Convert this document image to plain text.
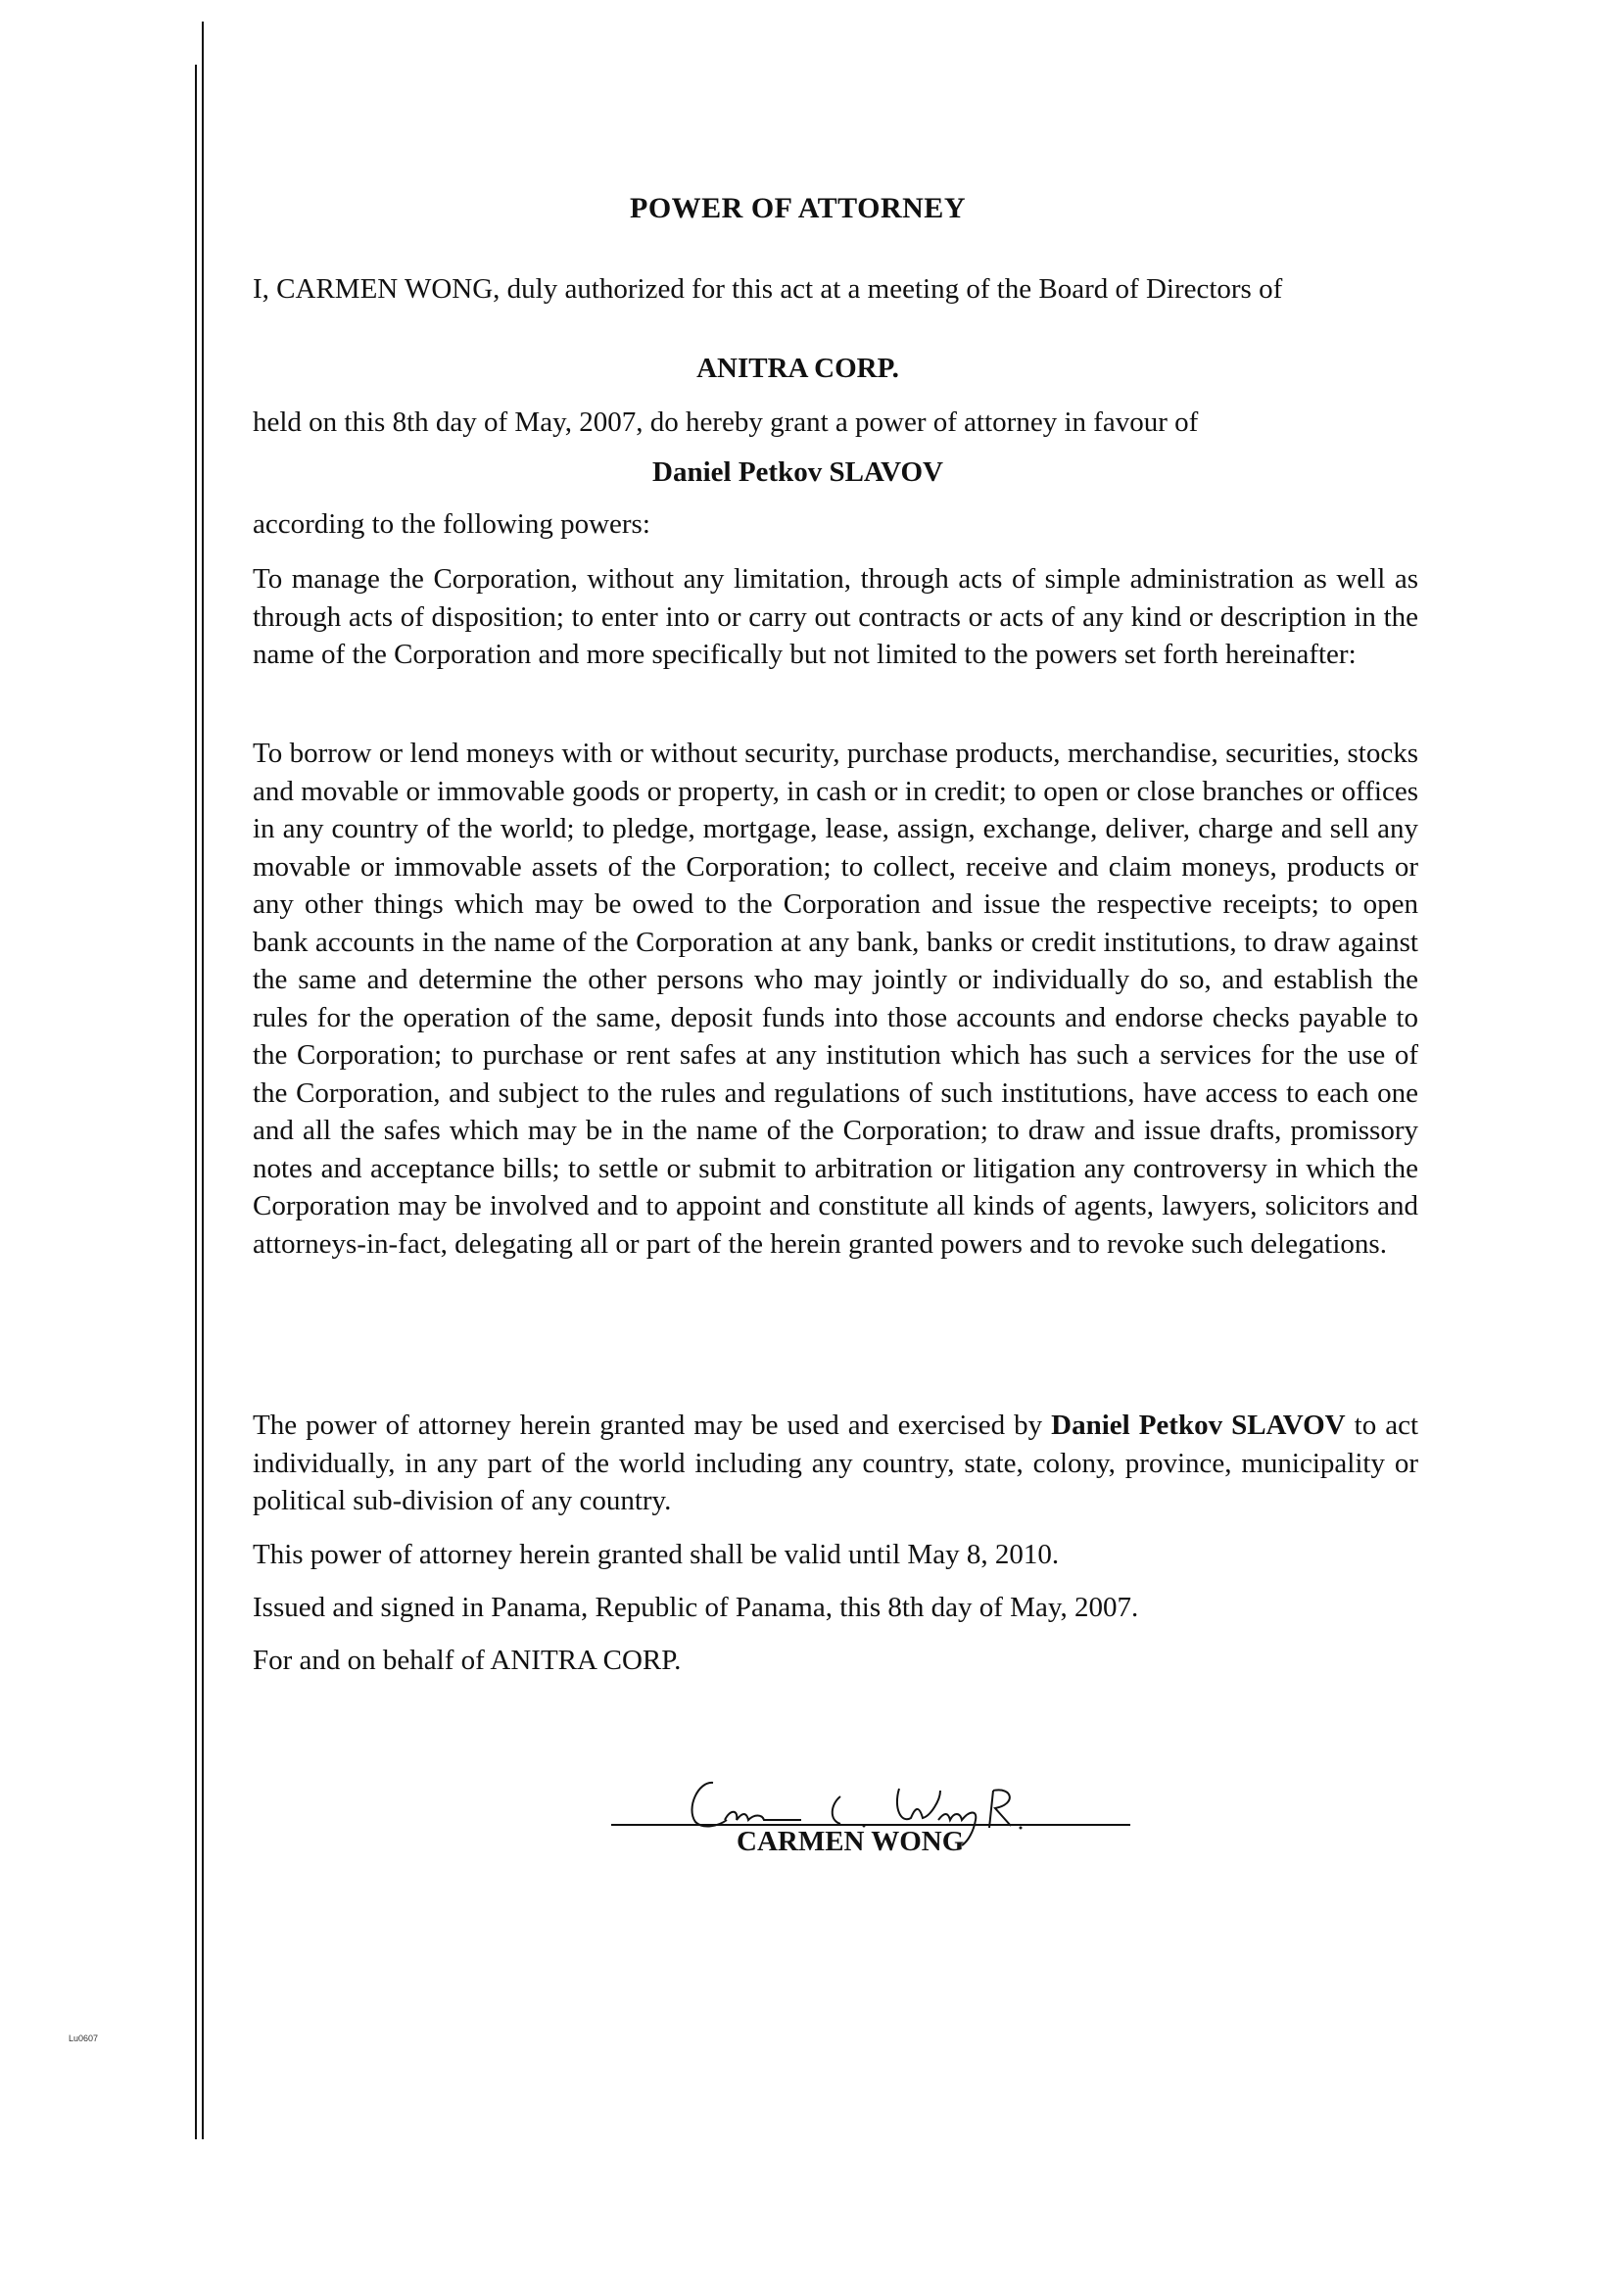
Lu0607
POWER OF ATTORNEY
I, CARMEN WONG, duly authorized for this act at a meeting of the Board of Directors of
ANITRA CORP.
held on this 8th day of May, 2007, do hereby grant a power of attorney in favour of
Daniel Petkov SLAVOV
according to the following powers:
To manage the Corporation, without any limitation, through acts of simple administration as well as through acts of disposition; to enter into or carry out contracts or acts of any kind or description in the name of the Corporation and more specifically but not limited to the powers set forth hereinafter:
To borrow or lend moneys with or without security, purchase products, merchandise, securities, stocks and movable or immovable goods or property, in cash or in credit; to open or close branches or offices in any country of the world; to pledge, mortgage, lease, assign, exchange, deliver, charge and sell any movable or immovable assets of the Corporation; to collect, receive and claim moneys, products or any other things which may be owed to the Corporation and issue the respective receipts; to open bank accounts in the name of the Corporation at any bank, banks or credit institutions, to draw against the same and determine the other persons who may jointly or individually do so, and establish the rules for the operation of the same, deposit funds into those accounts and endorse checks payable to the Corporation; to purchase or rent safes at any institution which has such a services for the use of the Corporation, and subject to the rules and regulations of such institutions, have access to each one and all the safes which may be in the name of the Corporation; to draw and issue drafts, promissory notes and acceptance bills; to settle or submit to arbitration or litigation any controversy in which the Corporation may be involved and to appoint and constitute all kinds of agents, lawyers, solicitors and attorneys-in-fact, delegating all or part of the herein granted powers and to revoke such delegations.
The power of attorney herein granted may be used and exercised by Daniel Petkov SLAVOV to act individually, in any part of the world including any country, state, colony, province, municipality or political sub-division of any country.
This power of attorney herein granted shall be valid until May 8, 2010.
Issued and signed in Panama, Republic of Panama, this 8th day of May, 2007.
For and on behalf of ANITRA CORP.
CARMEN WONG
